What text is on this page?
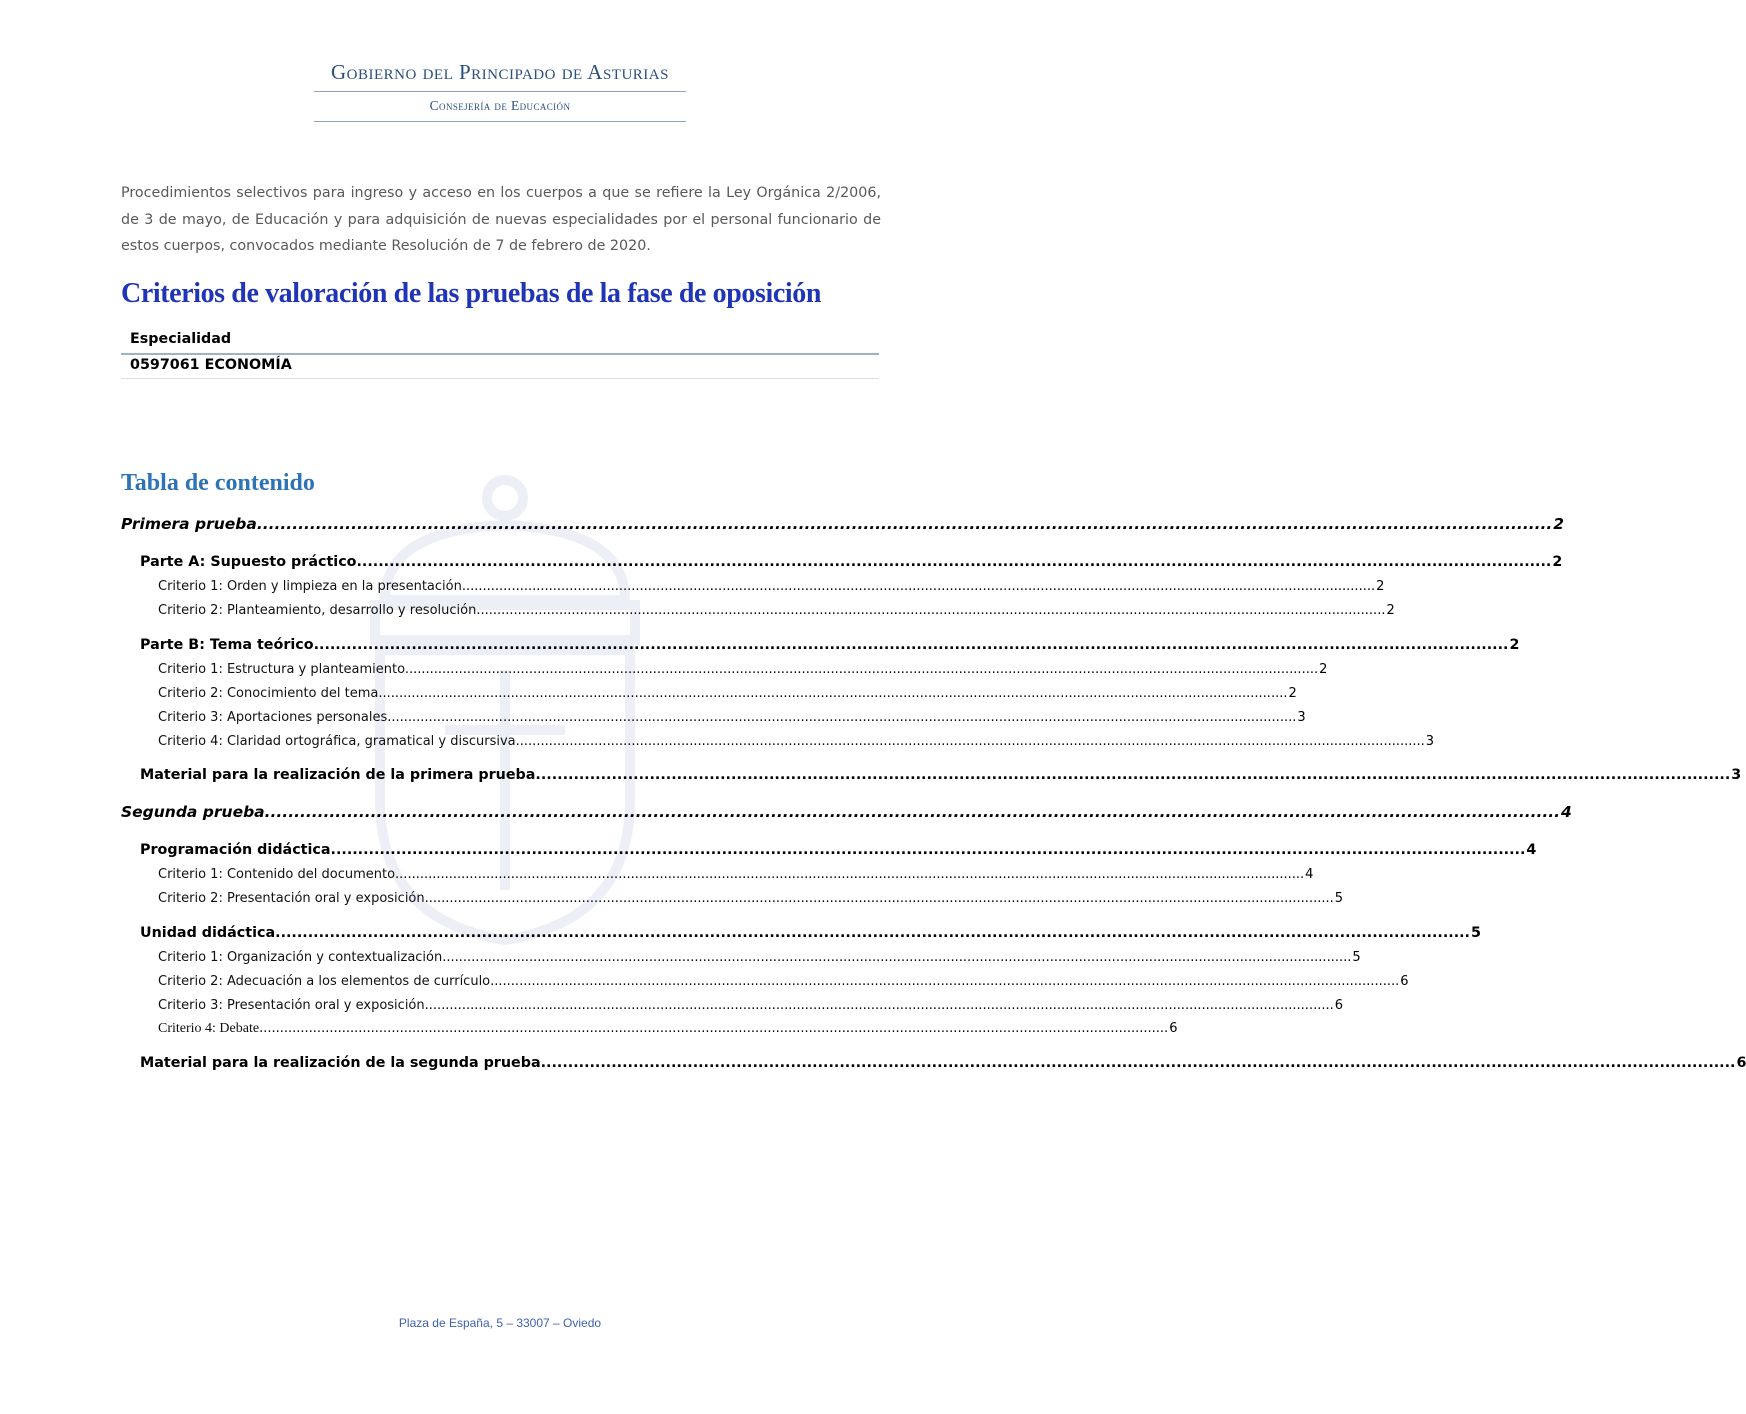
Gobierno del Principado de Asturias
Consejería de Educación
Procedimientos selectivos para ingreso y acceso en los cuerpos a que se refiere la Ley Orgánica 2/2006, de 3 de mayo, de Educación y para adquisición de nuevas especialidades por el personal funcionario de estos cuerpos, convocados mediante Resolución de 7 de febrero de 2020.
Criterios de valoración de las pruebas de la fase de oposición
Especialidad
0597061 ECONOMÍA
Tabla de contenido
Primera prueba ............................................................................................................................................................................................................................ 2
Parte A: Supuesto práctico ............................................................................................................................................................................................................................ 2
Criterio 1: Orden y limpieza en la presentación. ............................................................................................................................................................................................................................ 2
Criterio 2: Planteamiento, desarrollo y resolución ............................................................................................................................................................................................................................ 2
Parte B: Tema teórico ............................................................................................................................................................................................................................ 2
Criterio 1: Estructura y planteamiento. ............................................................................................................................................................................................................................ 2
Criterio 2: Conocimiento del tema ............................................................................................................................................................................................................................ 2
Criterio 3: Aportaciones personales ............................................................................................................................................................................................................................ 3
Criterio 4: Claridad ortográfica, gramatical y discursiva ............................................................................................................................................................................................................................ 3
Material para la realización de la primera prueba ............................................................................................................................................................................................................................ 3
Segunda prueba ............................................................................................................................................................................................................................ 4
Programación didáctica ............................................................................................................................................................................................................................ 4
Criterio 1: Contenido del documento ............................................................................................................................................................................................................................ 4
Criterio 2: Presentación oral y exposición ............................................................................................................................................................................................................................ 5
Unidad didáctica ............................................................................................................................................................................................................................ 5
Criterio 1: Organización y contextualización ............................................................................................................................................................................................................................ 5
Criterio 2: Adecuación a los elementos de currículo ............................................................................................................................................................................................................................ 6
Criterio 3: Presentación oral y exposición ............................................................................................................................................................................................................................ 6
Criterio 4: Debate ............................................................................................................................................................................................................................ 6
Material para la realización de la segunda prueba ............................................................................................................................................................................................................................ 6
Plaza de España, 5 – 33007 – Oviedo
